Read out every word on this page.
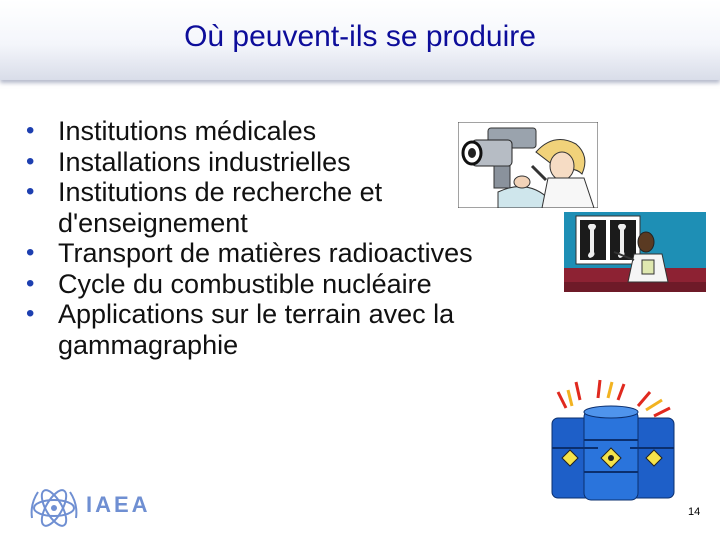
Où peuvent-ils se produire
• Institutions médicales
• Installations industrielles
• Institutions de recherche et
d'enseignement
• Transport de matières radioactives
• Cycle du combustible nucléaire
• Applications sur le terrain avec la
gammagraphie
IAEA	14
